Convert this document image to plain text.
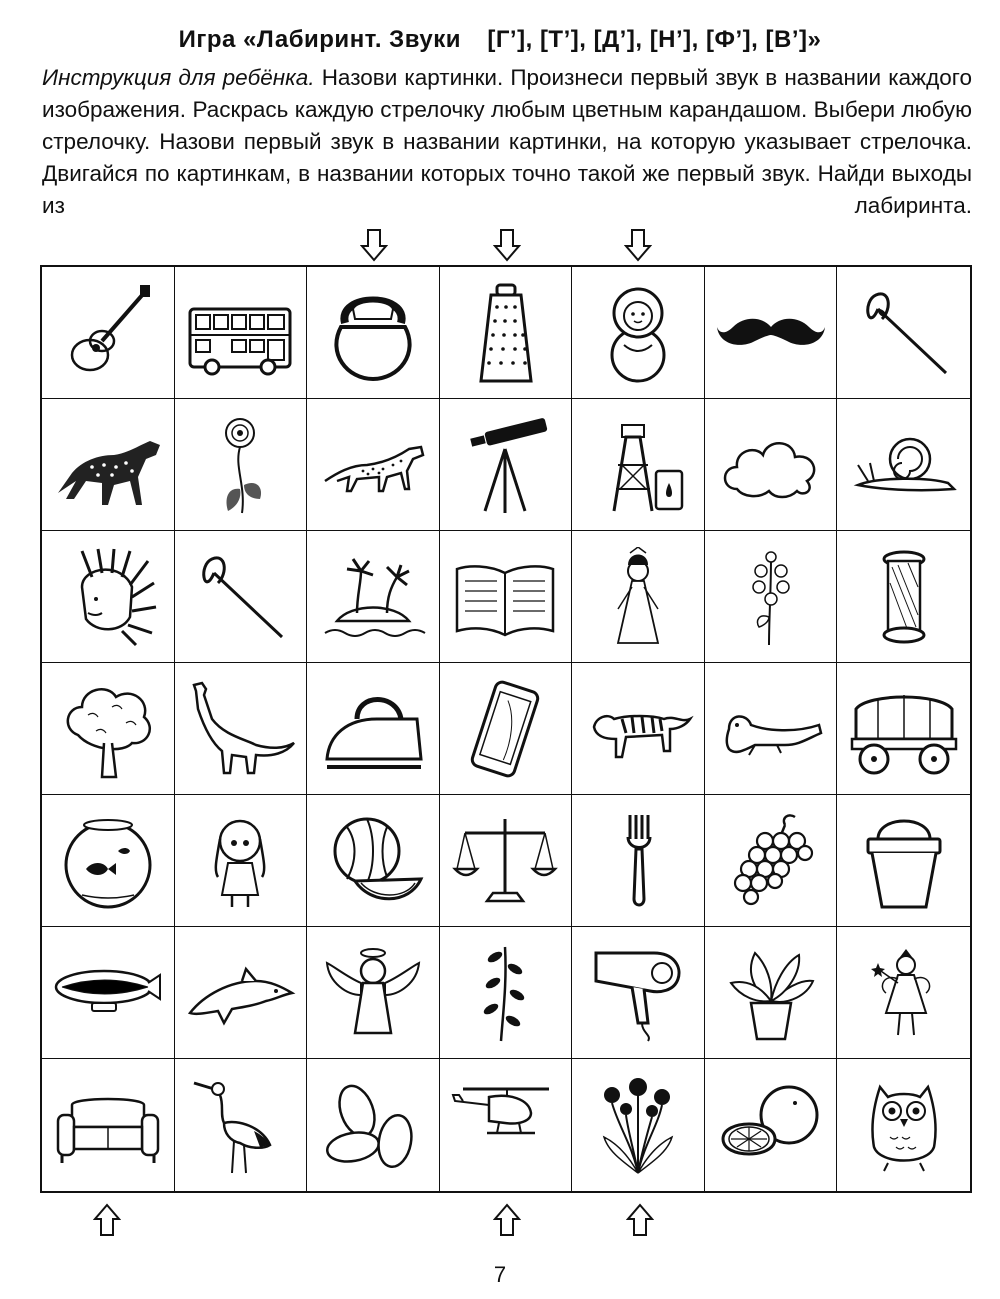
Игра «Лабиринт. Звуки [Г’], [Т’], [Д’], [Н’], [Ф’], [В’]»
Инструкция для ребёнка. Назови картинки. Произнеси первый звук в названии каждого изображения. Раскрась каждую стрелочку любым цветным карандашом. Выбери любую стрелочку. Назови первый звук в названии картинки, на которую указывает стрелочка. Двигайся по картинкам, в названии которых точно такой же первый звук. Найди выходы из лабиринта.
7
